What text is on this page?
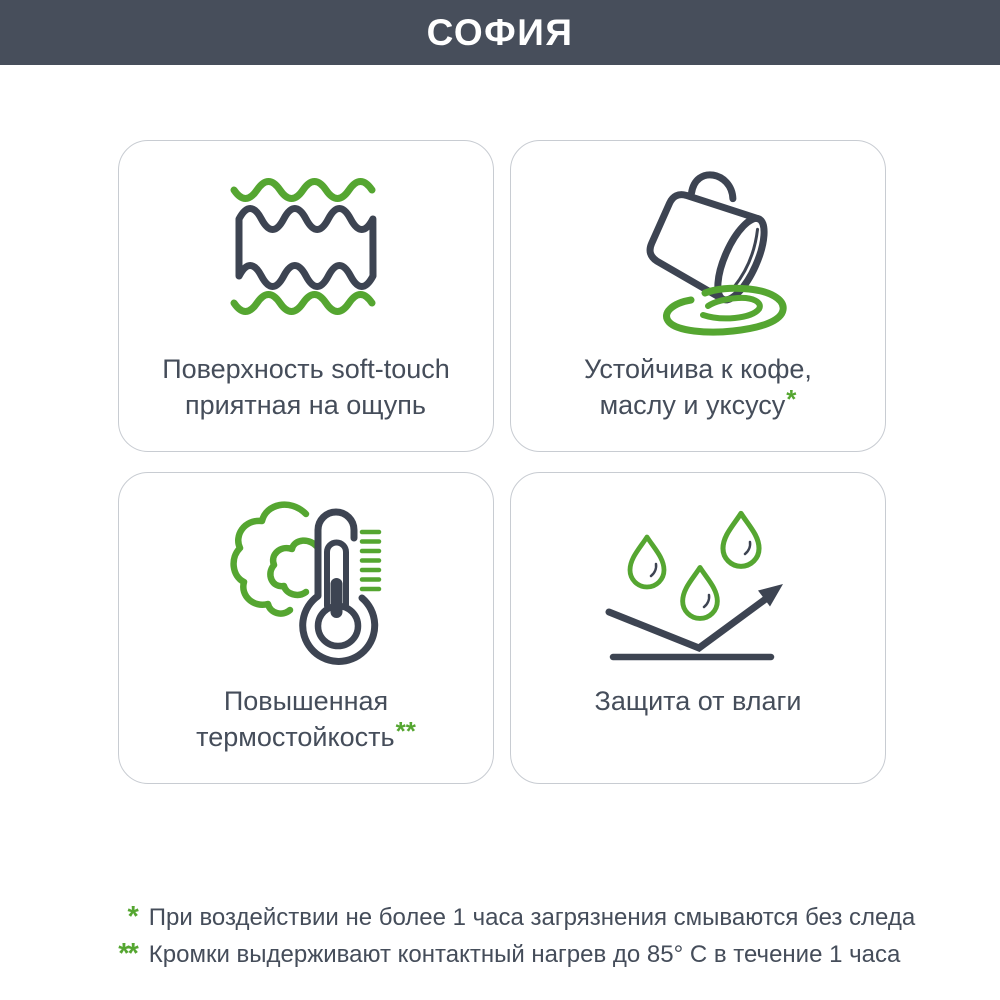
СОФИЯ
Поверхность soft-touch
приятная на ощупь
Устойчива к кофе,
маслу и уксусу*
Повышенная
термостойкость**
Защита от влаги
* При воздействии не более 1 часа загрязнения смываются без следа
** Кромки выдерживают контактный нагрев до 85° С в течение 1 часа
